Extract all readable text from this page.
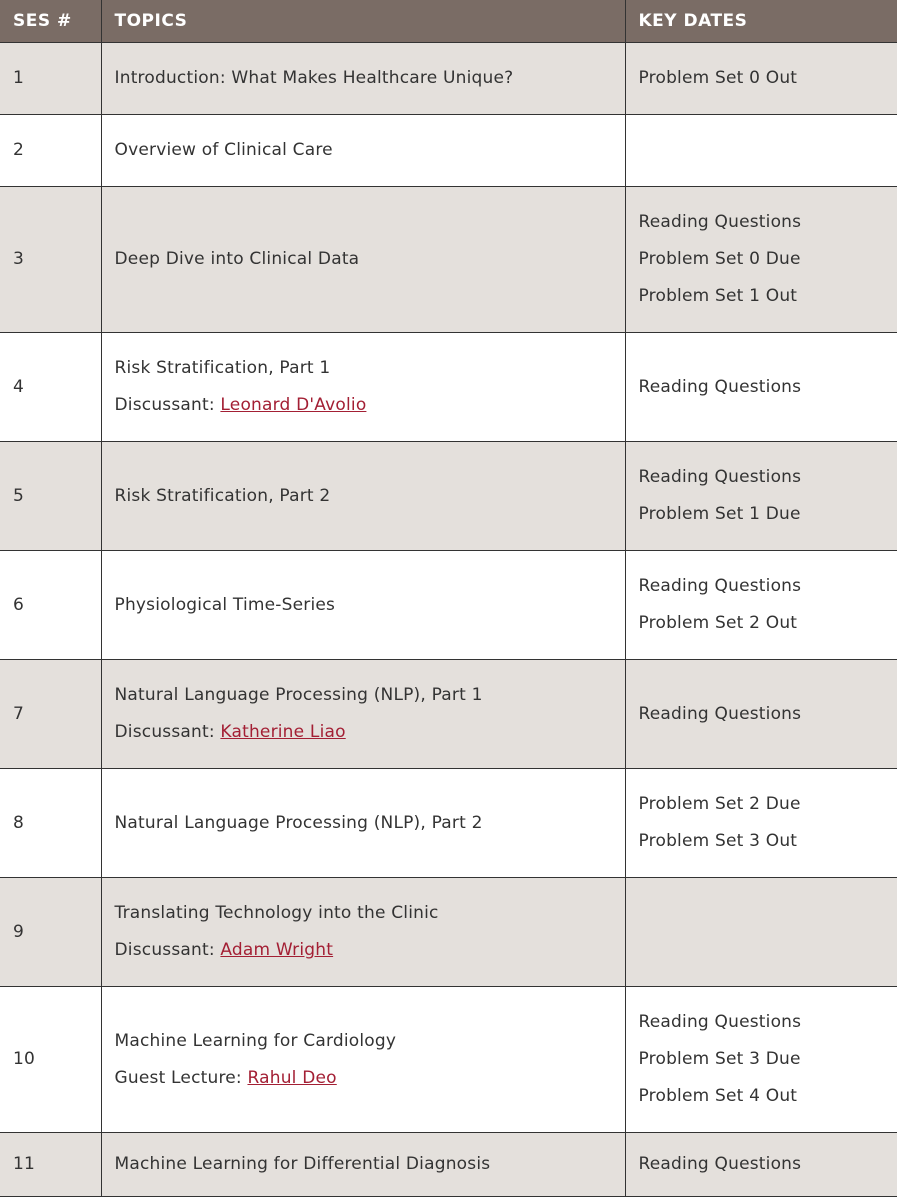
SES #	TOPICS	KEY DATES
1	Introduction: What Makes Healthcare Unique?	Problem Set 0 Out

2	Overview of Clinical Care	

3	Deep Dive into Clinical Data	Reading Questions
Problem Set 0 Due
Problem Set 1 Out

4	Risk Stratification, Part 1
Discussant: Leonard D'Avolio	Reading Questions

5	Risk Stratification, Part 2	Reading Questions
Problem Set 1 Due

6	Physiological Time-Series	Reading Questions
Problem Set 2 Out

7	Natural Language Processing (NLP), Part 1
Discussant: Katherine Liao	Reading Questions

8	Natural Language Processing (NLP), Part 2	Problem Set 2 Due
Problem Set 3 Out

9	Translating Technology into the Clinic
Discussant: Adam Wright	

10	Machine Learning for Cardiology
Guest Lecture: Rahul Deo	Reading Questions
Problem Set 3 Due
Problem Set 4 Out

11	Machine Learning for Differential Diagnosis	Reading Questions
